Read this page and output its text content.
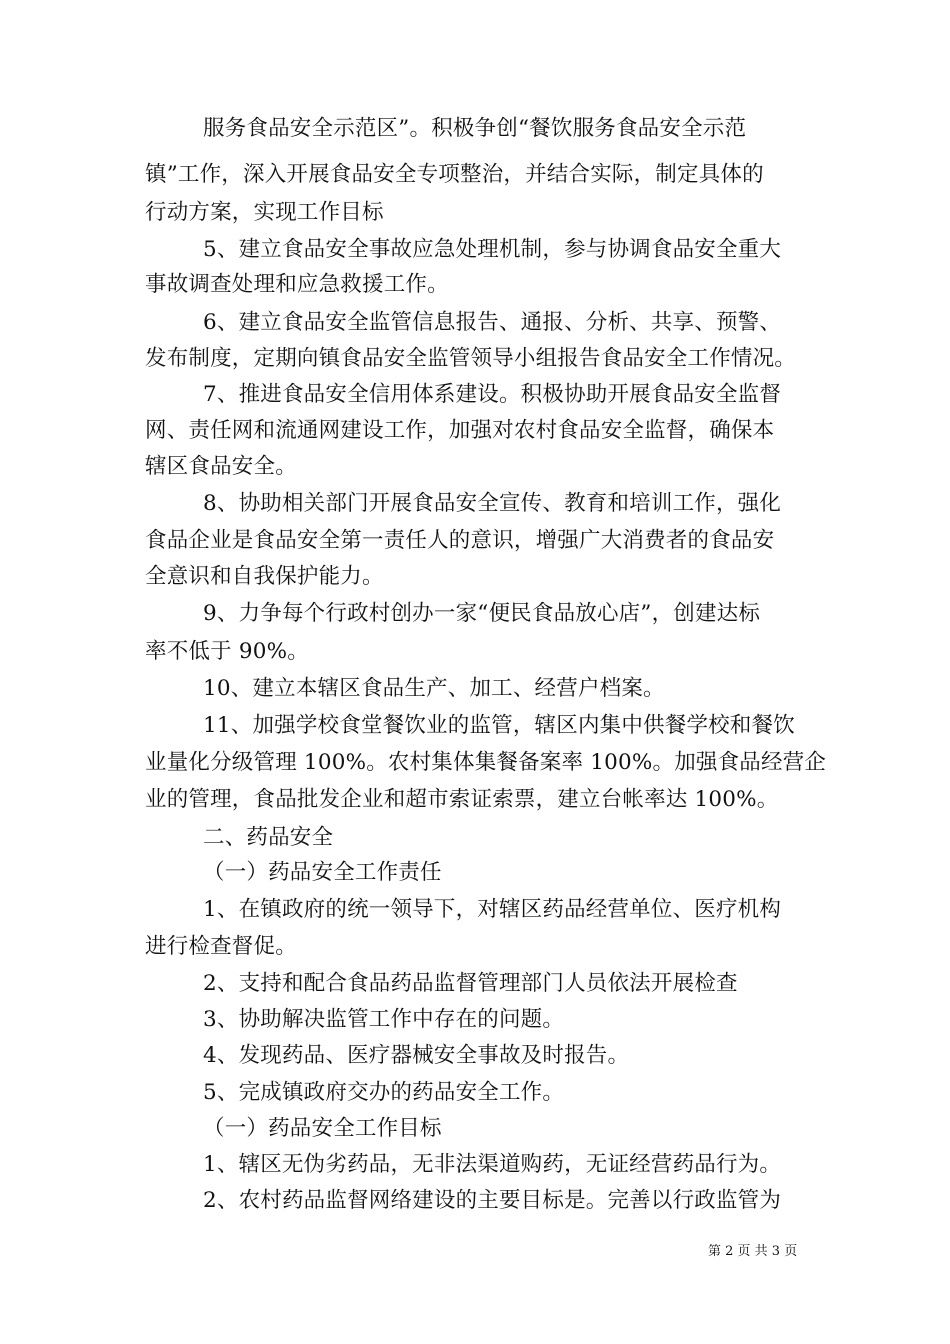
服务食品安全示范区”。积极争创“餐饮服务食品安全示范
镇”工作，深入开展食品安全专项整治，并结合实际，制定具体的
行动方案，实现工作目标
5、建立食品安全事故应急处理机制，参与协调食品安全重大
事故调查处理和应急救援工作。
6、建立食品安全监管信息报告、通报、分析、共享、预警、
发布制度，定期向镇食品安全监管领导小组报告食品安全工作情况。
7、推进食品安全信用体系建设。积极协助开展食品安全监督
网、责任网和流通网建设工作，加强对农村食品安全监督，确保本
辖区食品安全。
8、协助相关部门开展食品安全宣传、教育和培训工作，强化
食品企业是食品安全第一责任人的意识，增强广大消费者的食品安
全意识和自我保护能力。
9、力争每个行政村创办一家“便民食品放心店”，创建达标
率不低于 90%。
10、建立本辖区食品生产、加工、经营户档案。
11、加强学校食堂餐饮业的监管，辖区内集中供餐学校和餐饮
业量化分级管理 100%。农村集体集餐备案率 100%。加强食品经营企
业的管理，食品批发企业和超市索证索票，建立台帐率达 100%。
二、药品安全
（一）药品安全工作责任
1、在镇政府的统一领导下，对辖区药品经营单位、医疗机构
进行检查督促。
2、支持和配合食品药品监督管理部门人员依法开展检查
3、协助解决监管工作中存在的问题。
4、发现药品、医疗器械安全事故及时报告。
5、完成镇政府交办的药品安全工作。
（一）药品安全工作目标
1、辖区无伪劣药品，无非法渠道购药，无证经营药品行为。
2、农村药品监督网络建设的主要目标是。完善以行政监管为
第 2 页 共 3 页
